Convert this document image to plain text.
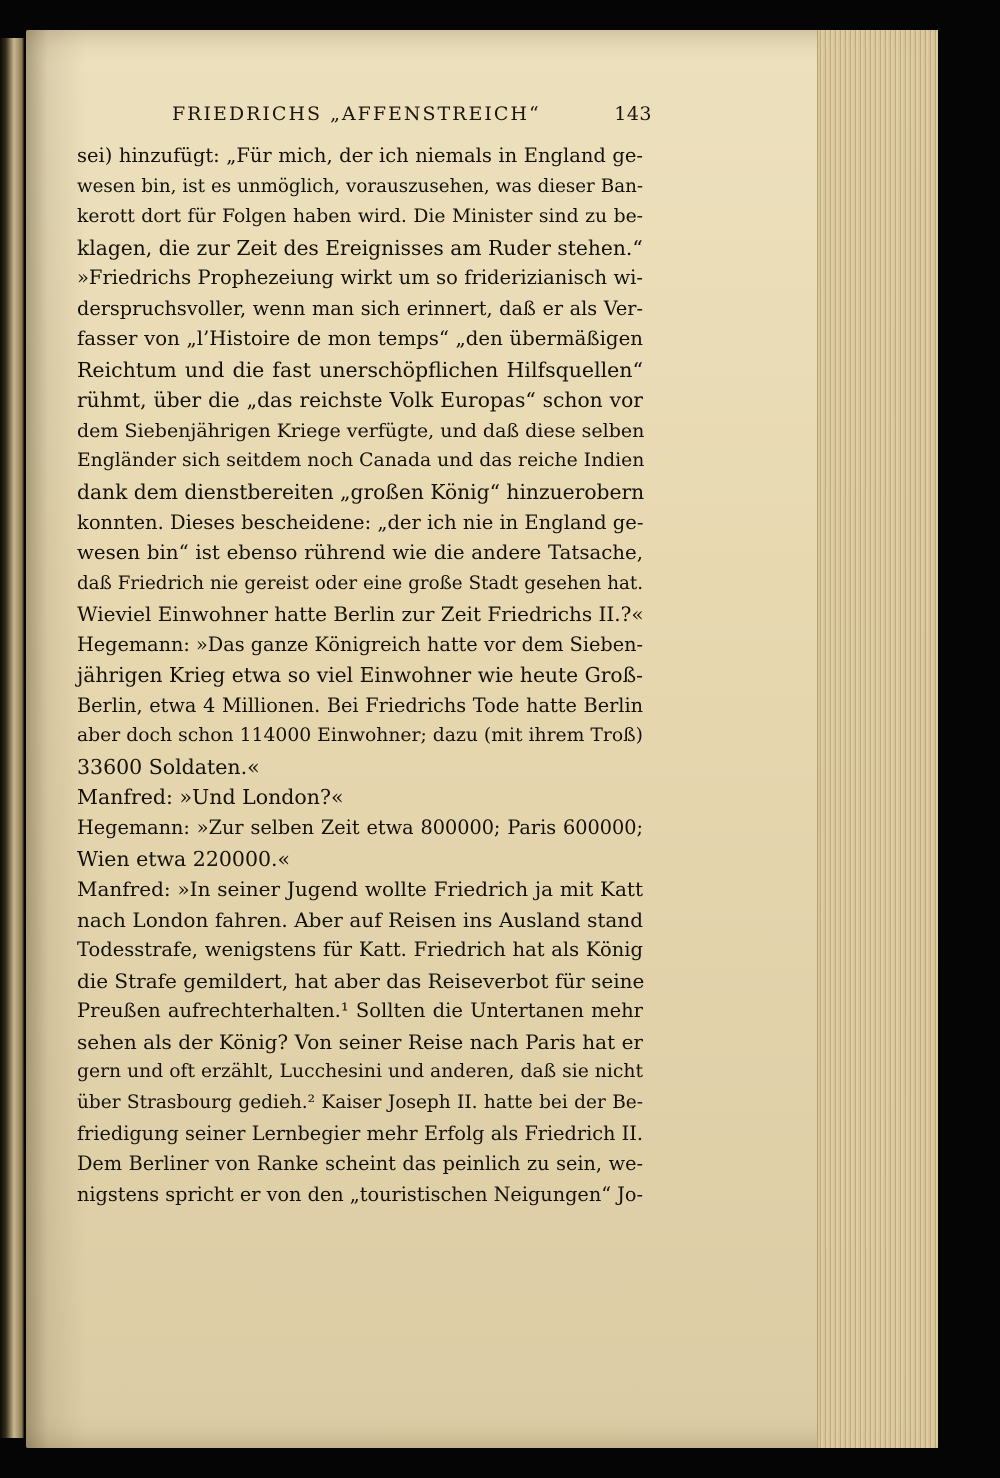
FRIEDRICHS „AFFENSTREICH“	143
sei) hinzufügt: „Für mich, der ich niemals in England ge-
wesen bin, ist es unmöglich, vorauszusehen, was dieser Ban-
kerott dort für Folgen haben wird. Die Minister sind zu be-
klagen, die zur Zeit des Ereignisses am Ruder stehen.“
»Friedrichs Prophezeiung wirkt um so friderizianisch wi-
derspruchsvoller, wenn man sich erinnert, daß er als Ver-
fasser von „l’Histoire de mon temps“ „den übermäßigen
Reichtum und die fast unerschöpflichen Hilfsquellen“
rühmt, über die „das reichste Volk Europas“ schon vor
dem Siebenjährigen Kriege verfügte, und daß diese selben
Engländer sich seitdem noch Canada und das reiche Indien
dank dem dienstbereiten „großen König“ hinzuerobern
konnten. Dieses bescheidene: „der ich nie in England ge-
wesen bin“ ist ebenso rührend wie die andere Tatsache,
daß Friedrich nie gereist oder eine große Stadt gesehen hat.
Wieviel Einwohner hatte Berlin zur Zeit Friedrichs II.?«
Hegemann: »Das ganze Königreich hatte vor dem Sieben-
jährigen Krieg etwa so viel Einwohner wie heute Groß-
Berlin, etwa 4 Millionen. Bei Friedrichs Tode hatte Berlin
aber doch schon 114000 Einwohner; dazu (mit ihrem Troß)
33600 Soldaten.«
Manfred: »Und London?«
Hegemann: »Zur selben Zeit etwa 800000; Paris 600000;
Wien etwa 220000.«
Manfred: »In seiner Jugend wollte Friedrich ja mit Katt
nach London fahren. Aber auf Reisen ins Ausland stand
Todesstrafe, wenigstens für Katt. Friedrich hat als König
die Strafe gemildert, hat aber das Reiseverbot für seine
Preußen aufrechterhalten.¹ Sollten die Untertanen mehr
sehen als der König? Von seiner Reise nach Paris hat er
gern und oft erzählt, Lucchesini und anderen, daß sie nicht
über Strasbourg gedieh.² Kaiser Joseph II. hatte bei der Be-
friedigung seiner Lernbegier mehr Erfolg als Friedrich II.
Dem Berliner von Ranke scheint das peinlich zu sein, we-
nigstens spricht er von den „touristischen Neigungen“ Jo-
